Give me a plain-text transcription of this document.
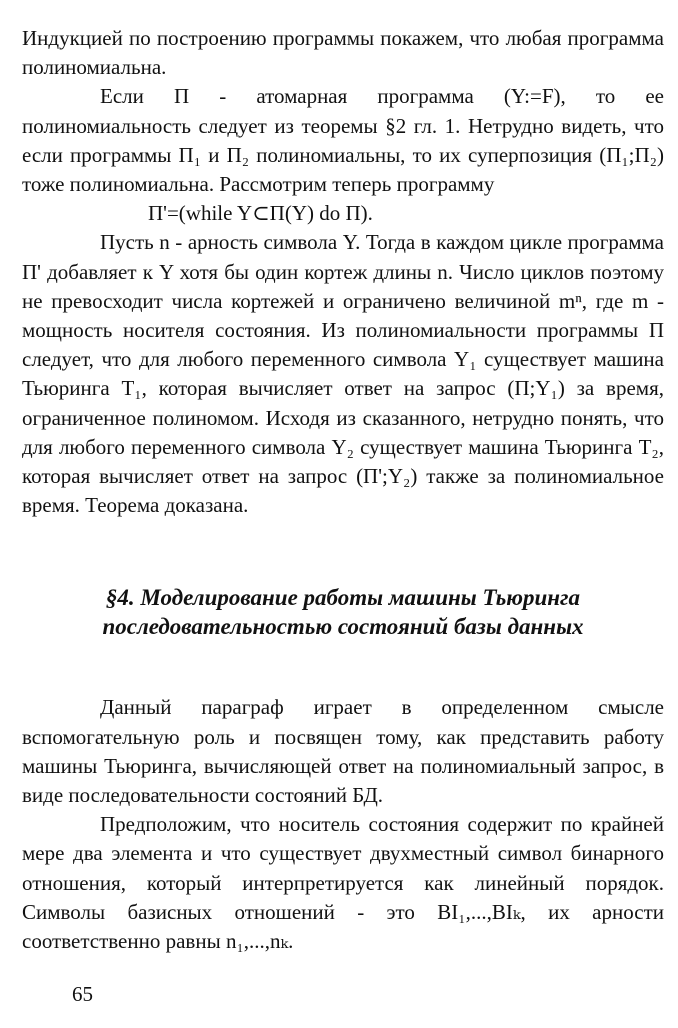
Индукцией по построению программы покажем, что любая программа полиномиальна.

Если П - атомарная программа (Y:=F), то ее полиномиальность следует из теоремы §2 гл. 1. Нетрудно видеть, что если программы П₁ и П₂ полиномиальны, то их суперпозиция (П₁;П₂) тоже полиномиальна. Рассмотрим теперь программу

П'=(while Y⊂П(Y) do П).

Пусть n - арность символа Y. Тогда в каждом цикле программа П' добавляет к Y хотя бы один кортеж длины n. Число циклов поэтому не превосходит числа кортежей и ограничено величиной mⁿ, где m - мощность носителя состояния. Из полиномиальности программы П следует, что для любого переменного символа Y₁ существует машина Тьюринга T₁, которая вычисляет ответ на запрос (П;Y₁) за время, ограниченное полиномом. Исходя из сказанного, нетрудно понять, что для любого переменного символа Y₂ существует машина Тьюринга T₂, которая вычисляет ответ на запрос (П';Y₂) также за полиномиальное время. Теорема доказана.

§4. Моделирование работы машины Тьюринга
последовательностью состояний базы данных

Данный параграф играет в определенном смысле вспомогательную роль и посвящен тому, как представить работу машины Тьюринга, вычисляющей ответ на полиномиальный запрос, в виде последовательности состояний БД.

Предположим, что носитель состояния содержит по крайней мере два элемента и что существует двухместный символ бинарного отношения, который интерпретируется как линейный порядок. Символы базисных отношений - это BI₁,...,BIₖ, их арности соответственно равны n₁,...,nₖ.

65
